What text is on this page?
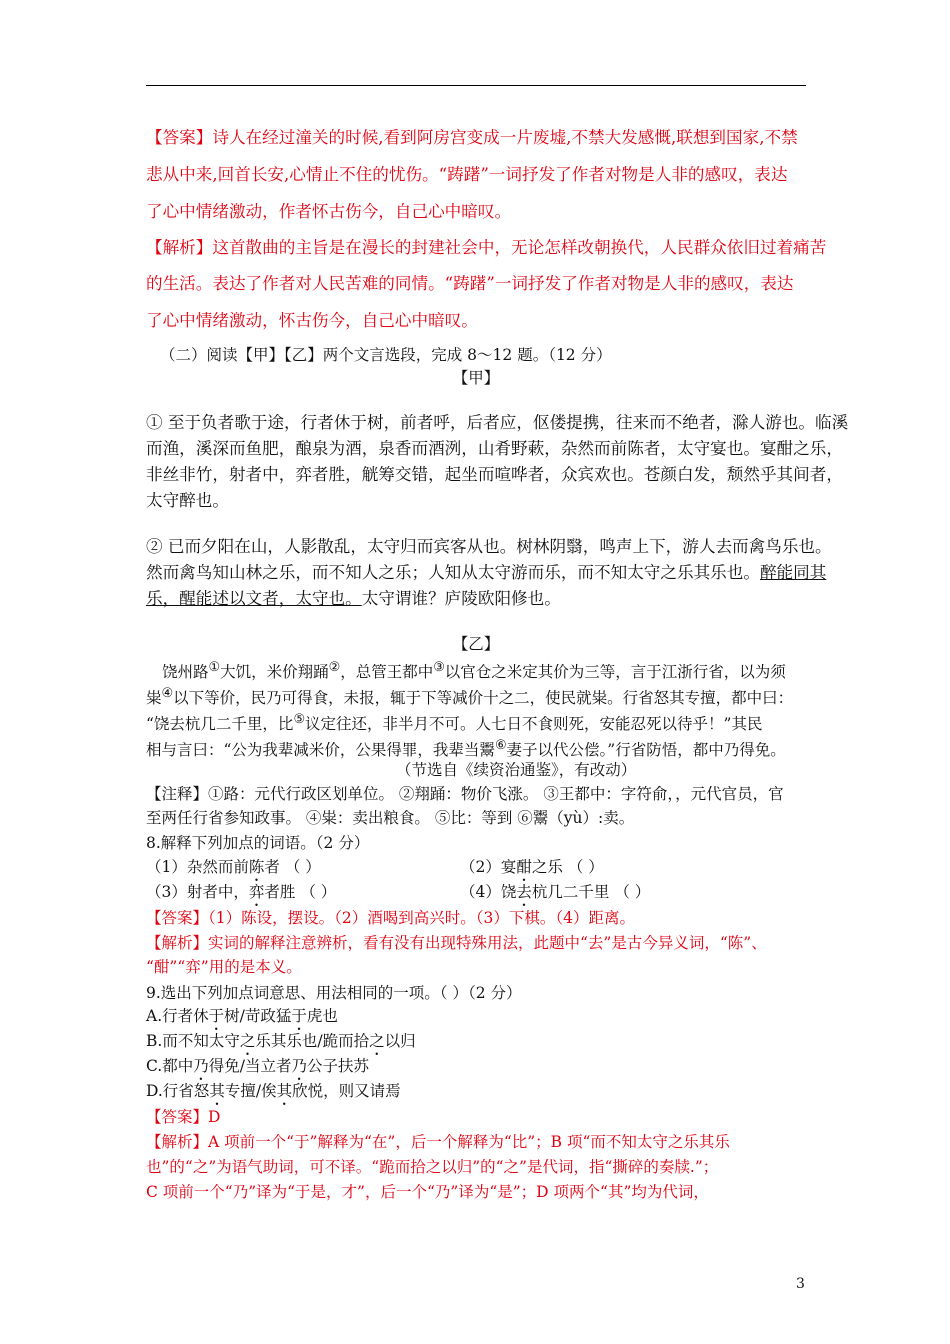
【答案】诗人在经过潼关的时候,看到阿房宫变成一片废墟,不禁大发感慨,联想到国家,不禁
悲从中来,回首长安,心情止不住的忧伤。“踌躇”一词抒发了作者对物是人非的感叹，表达
了心中情绪激动，作者怀古伤今，自己心中暗叹。
【解析】这首散曲的主旨是在漫长的封建社会中，无论怎样改朝换代，人民群众依旧过着痛苦
的生活。表达了作者对人民苦难的同情。“踌躇”一词抒发了作者对物是人非的感叹，表达
了心中情绪激动，怀古伤今，自己心中暗叹。
（二）阅读【甲】【乙】两个文言选段，完成 8～12 题。（12 分）
【甲】
① 至于负者歌于途，行者休于树，前者呼，后者应，伛偻提携，往来而不绝者，滁人游也。临溪
而渔，溪深而鱼肥，酿泉为酒，泉香而酒洌，山肴野蔌，杂然而前陈者，太守宴也。宴酣之乐，
非丝非竹，射者中，弈者胜，觥筹交错，起坐而喧哗者，众宾欢也。苍颜白发，颓然乎其间者，
太守醉也。
② 已而夕阳在山，人影散乱，太守归而宾客从也。树林阴翳，鸣声上下，游人去而禽鸟乐也。
然而禽鸟知山林之乐，而不知人之乐；人知从太守游而乐，而不知太守之乐其乐也。醉能同其
乐，醒能述以文者，太守也。太守谓谁？庐陵欧阳修也。
【乙】
饶州路①大饥，米价翔踊②，总管王都中③以官仓之米定其价为三等，言于江浙行省，以为须
粜④以下等价，民乃可得食，未报，辄于下等减价十之二，使民就粜。行省怒其专擅，都中曰：
“饶去杭几二千里，比⑤议定往还，非半月不可。人七日不食则死，安能忍死以待乎！”其民
相与言曰：“公为我辈减米价，公果得罪，我辈当鬻⑥妻子以代公偿。”行省防悟，都中乃得免。
（节选自《续资治通鉴》，有改动）
【注释】①路：元代行政区划单位。 ②翔踊：物价飞涨。 ③王都中：字符俞，，元代官员，官
至两任行省参知政事。 ④粜：卖出粮食。 ⑤比：等到 ⑥鬻（yù）:卖。
8.解释下列加点的词语。（2 分）
（1）杂然而前陈者 （ ）	（2）宴酣之乐 （ ）
（3）射者中，弈者胜 （ ）	（4）饶去杭几二千里 （ ）
【答案】（1）陈设，摆设。（2）酒喝到高兴时。（3）下棋。（4）距离。
【解析】实词的解释注意辨析，看有没有出现特殊用法，此题中“去”是古今异义词，“陈”、
“酣”“弈”用的是本义。
9.选出下列加点词意思、用法相同的一项。（ ）（2 分）
A.行者休于树/苛政猛于虎也
B.而不知太守之乐其乐也/跪而拾之以归
C.都中乃得免/当立者乃公子扶苏
D.行省怒其专擅/俟其欣悦，则又请焉
【答案】D
【解析】A 项前一个“于”解释为“在”，后一个解释为“比”；B 项“而不知太守之乐其乐
也”的“之”为语气助词，可不译。“跪而拾之以归”的“之”是代词，指“撕碎的奏牍.”；
C 项前一个“乃”译为“于是，才”，后一个“乃”译为“是”；D 项两个“其”均为代词，
3
